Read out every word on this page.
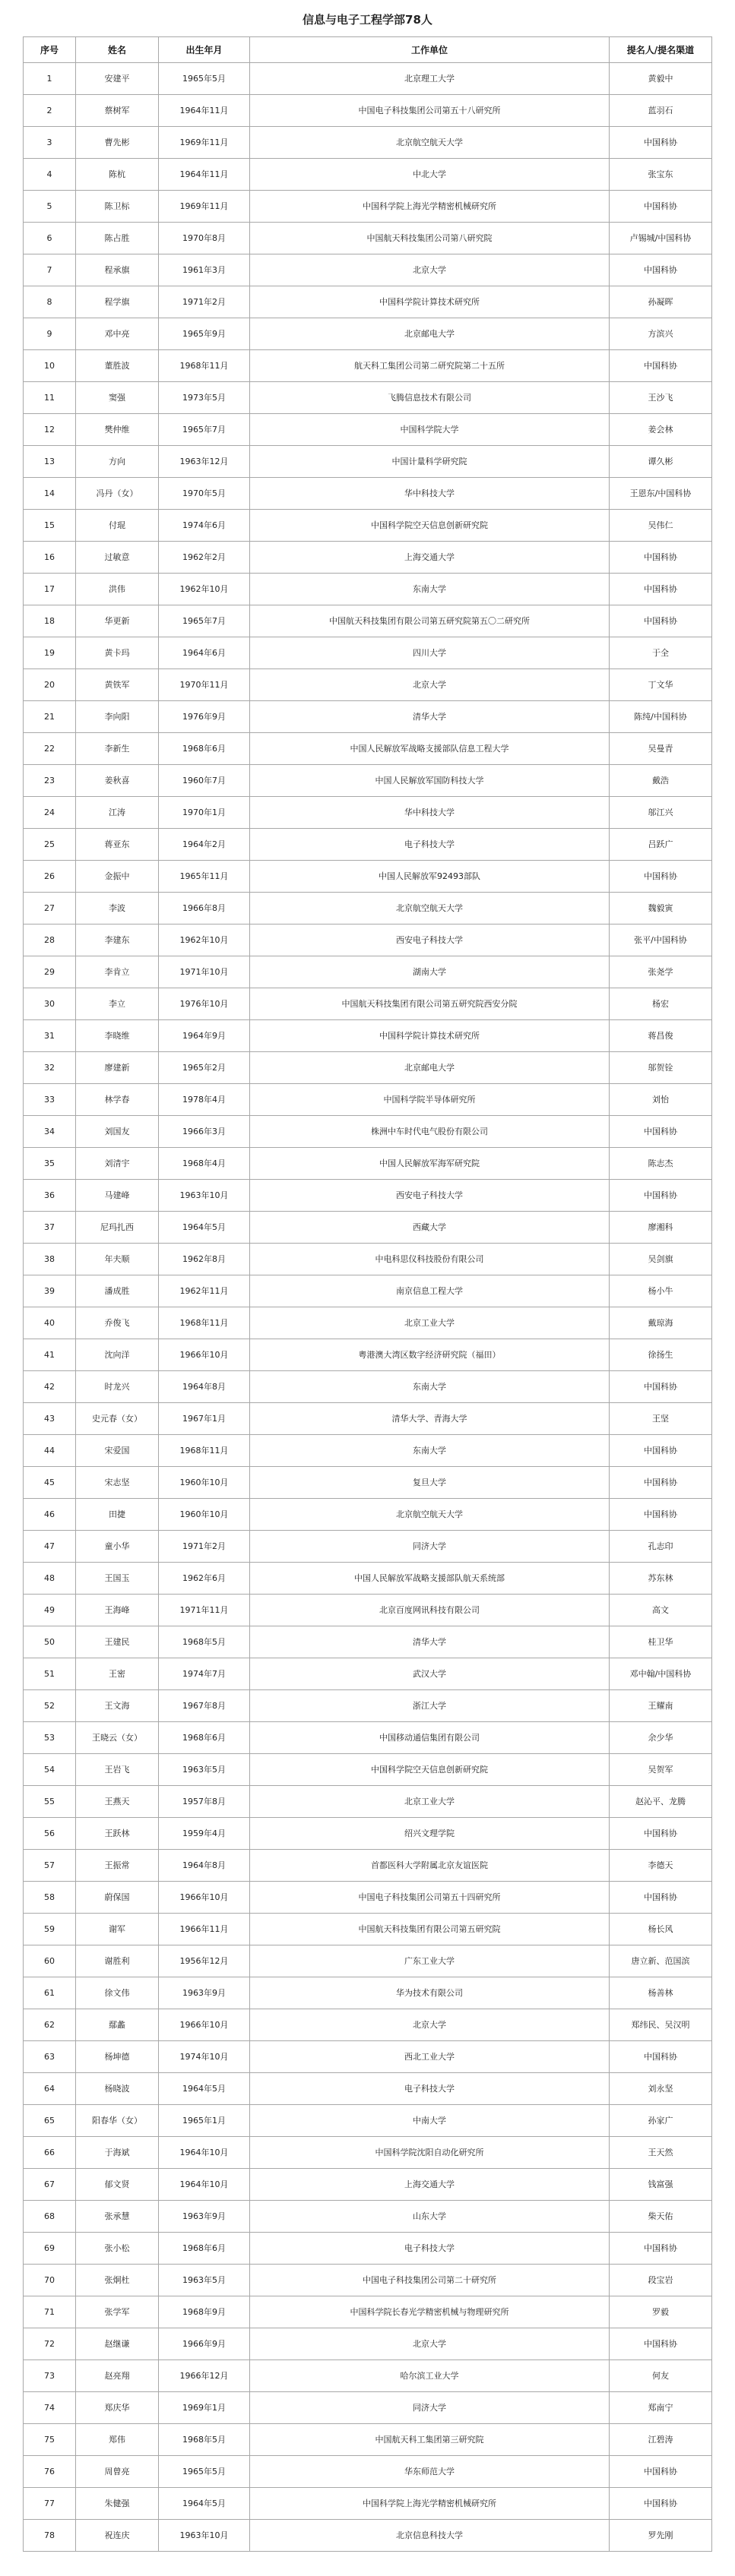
信息与电子工程学部78人
序号	姓名	出生年月	工作单位	提名人/提名渠道
1	安建平	1965年5月	北京理工大学	黄毅中
2	蔡树军	1964年11月	中国电子科技集团公司第五十八研究所	蓝羽石
3	曹先彬	1969年11月	北京航空航天大学	中国科协
4	陈杭	1964年11月	中北大学	张宝东
5	陈卫标	1969年11月	中国科学院上海光学精密机械研究所	中国科协
6	陈占胜	1970年8月	中国航天科技集团公司第八研究院	卢锡城/中国科协
7	程承旗	1961年3月	北京大学	中国科协
8	程学旗	1971年2月	中国科学院计算技术研究所	孙凝晖
9	邓中亮	1965年9月	北京邮电大学	方滨兴
10	董胜波	1968年11月	航天科工集团公司第二研究院第二十五所	中国科协
11	窦强	1973年5月	飞腾信息技术有限公司	王沙飞
12	樊仲维	1965年7月	中国科学院大学	姜会林
13	方向	1963年12月	中国计量科学研究院	谭久彬
14	冯丹（女）	1970年5月	华中科技大学	王恩东/中国科协
15	付琨	1974年6月	中国科学院空天信息创新研究院	吴伟仁
16	过敏意	1962年2月	上海交通大学	中国科协
17	洪伟	1962年10月	东南大学	中国科协
18	华更新	1965年7月	中国航天科技集团有限公司第五研究院第五〇二研究所	中国科协
19	黄卡玛	1964年6月	四川大学	于全
20	黄铁军	1970年11月	北京大学	丁文华
21	李向阳	1976年9月	清华大学	陈纯/中国科协
22	李新生	1968年6月	中国人民解放军战略支援部队信息工程大学	吴曼青
23	姜秋喜	1960年7月	中国人民解放军国防科技大学	戴浩
24	江涛	1970年1月	华中科技大学	邬江兴
25	蒋亚东	1964年2月	电子科技大学	吕跃广
26	金振中	1965年11月	中国人民解放军92493部队	中国科协
27	李波	1966年8月	北京航空航天大学	魏毅寅
28	李建东	1962年10月	西安电子科技大学	张平/中国科协
29	李肯立	1971年10月	湖南大学	张尧学
30	李立	1976年10月	中国航天科技集团有限公司第五研究院西安分院	杨宏
31	李晓维	1964年9月	中国科学院计算技术研究所	蒋昌俊
32	廖建新	1965年2月	北京邮电大学	邬贺铨
33	林学春	1978年4月	中国科学院半导体研究所	刘怡
34	刘国友	1966年3月	株洲中车时代电气股份有限公司	中国科协
35	刘清宇	1968年4月	中国人民解放军海军研究院	陈志杰
36	马建峰	1963年10月	西安电子科技大学	中国科协
37	尼玛扎西	1964年5月	西藏大学	廖湘科
38	年夫顺	1962年8月	中电科思仪科技股份有限公司	吴剑旗
39	潘成胜	1962年11月	南京信息工程大学	杨小牛
40	乔俊飞	1968年11月	北京工业大学	戴琼海
41	沈向洋	1966年10月	粤港澳大湾区数字经济研究院（福田）	徐扬生
42	时龙兴	1964年8月	东南大学	中国科协
43	史元春（女）	1967年1月	清华大学、青海大学	王坚
44	宋爱国	1968年11月	东南大学	中国科协
45	宋志坚	1960年10月	复旦大学	中国科协
46	田捷	1960年10月	北京航空航天大学	中国科协
47	童小华	1971年2月	同济大学	孔志印
48	王国玉	1962年6月	中国人民解放军战略支援部队航天系统部	苏东林
49	王海峰	1971年11月	北京百度网讯科技有限公司	高文
50	王建民	1968年5月	清华大学	桂卫华
51	王密	1974年7月	武汉大学	邓中翰/中国科协
52	王文海	1967年8月	浙江大学	王耀南
53	王晓云（女）	1968年6月	中国移动通信集团有限公司	余少华
54	王岩飞	1963年5月	中国科学院空天信息创新研究院	吴贺军
55	王燕天	1957年8月	北京工业大学	赵沁平、龙腾
56	王跃林	1959年4月	绍兴文理学院	中国科协
57	王振常	1964年8月	首都医科大学附属北京友谊医院	李德天
58	蔚保国	1966年10月	中国电子科技集团公司第五十四研究所	中国科协
59	谢军	1966年11月	中国航天科技集团有限公司第五研究院	杨长风
60	谢胜利	1956年12月	广东工业大学	唐立新、范国滨
61	徐文伟	1963年9月	华为技术有限公司	杨善林
62	鄢蠡	1966年10月	北京大学	郑纬民、吴汉明
63	杨坤德	1974年10月	西北工业大学	中国科协
64	杨晓波	1964年5月	电子科技大学	刘永坚
65	阳春华（女）	1965年1月	中南大学	孙家广
66	于海斌	1964年10月	中国科学院沈阳自动化研究所	王天然
67	郁文贤	1964年10月	上海交通大学	钱富强
68	张承慧	1963年9月	山东大学	柴天佑
69	张小松	1968年6月	电子科技大学	中国科协
70	张炯杜	1963年5月	中国电子科技集团公司第二十研究所	段宝岩
71	张学军	1968年9月	中国科学院长春光学精密机械与物理研究所	罗毅
72	赵继谦	1966年9月	北京大学	中国科协
73	赵亮翔	1966年12月	哈尔滨工业大学	何友
74	郑庆华	1969年1月	同济大学	郑南宁
75	郑伟	1968年5月	中国航天科工集团第三研究院	江碧涛
76	周曾亮	1965年5月	华东师范大学	中国科协
77	朱健强	1964年5月	中国科学院上海光学精密机械研究所	中国科协
78	祝连庆	1963年10月	北京信息科技大学	罗先刚
